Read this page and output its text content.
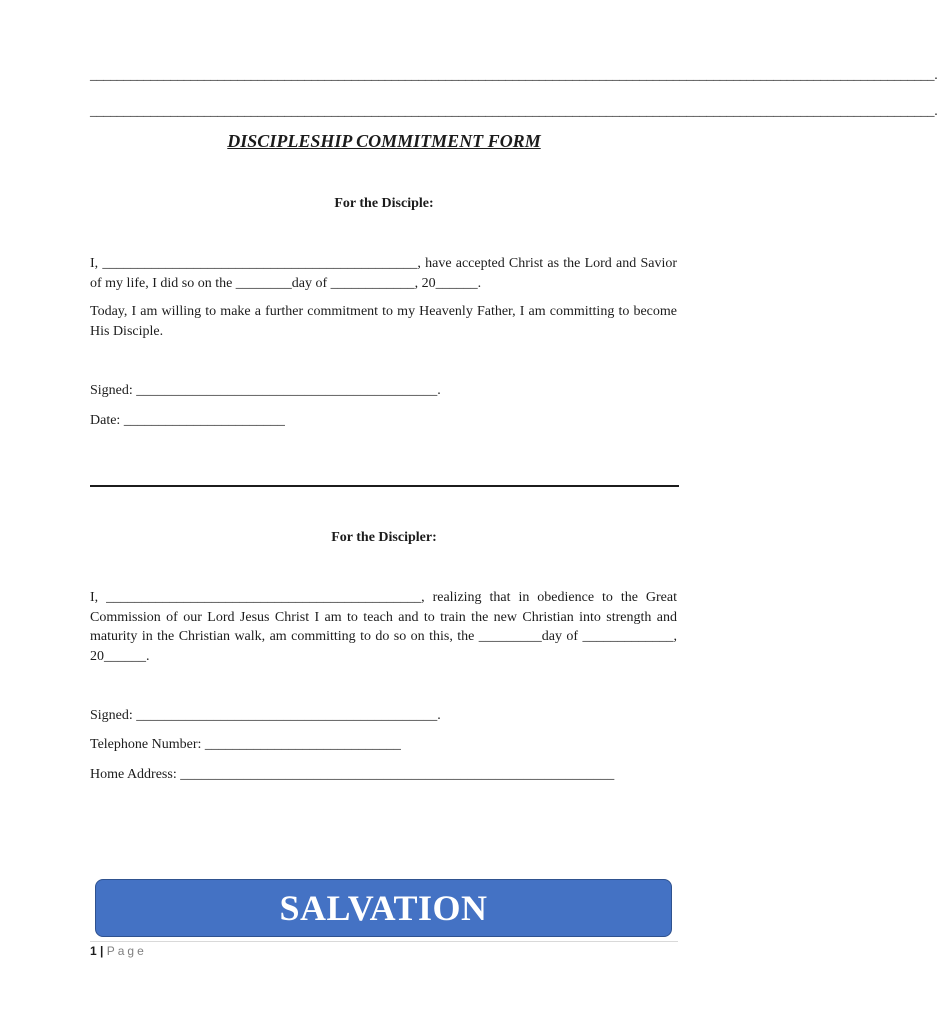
______________________________________________________________________________________________________________________________.
______________________________________________________________________________________________________________________________.
DISCIPLESHIP COMMITMENT FORM
For the Disciple:
I, _____________________________________________, have accepted Christ as the Lord and Savior of my life, I did so on the ________day of ____________, 20______.
Today, I am willing to make a further commitment to my Heavenly Father, I am committing to become His Disciple.
Signed: ___________________________________________.
Date: _______________________
For the Discipler:
I, _____________________________________________, realizing that in obedience to the Great Commission of our Lord Jesus Christ I am to teach and to train the new Christian into strength and maturity in the Christian walk, am committing to do so on this, the _________day of _____________, 20______.
Signed: ___________________________________________.
Telephone Number: ____________________________
Home Address: ______________________________________________________________
SALVATION
1 | Page
